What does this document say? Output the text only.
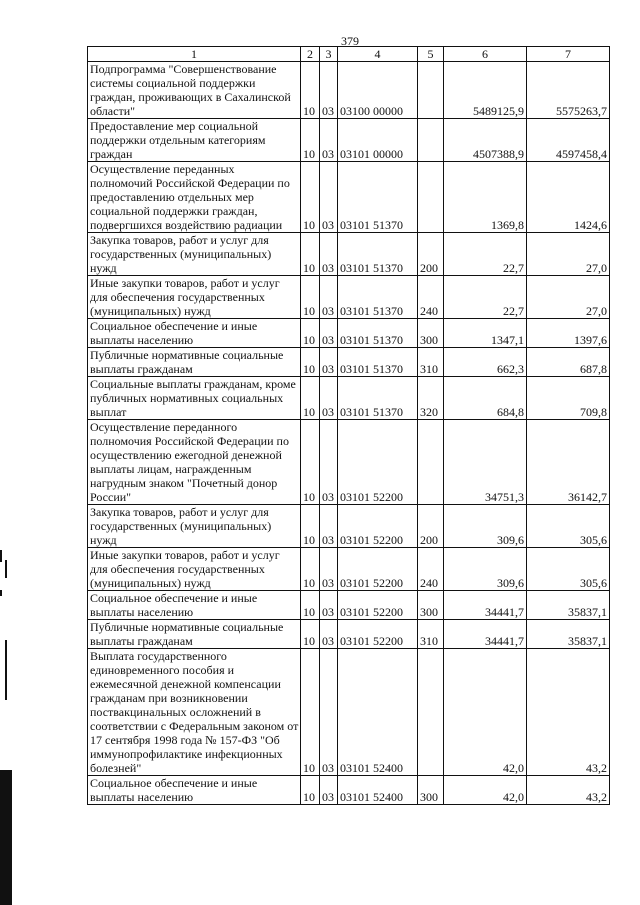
379
1	2	3	4	5	6	7
Подпрограмма "Совершенствование системы социальной поддержки граждан, проживающих в Сахалинской области"	10	03	03100 00000		5489125,9	5575263,7
Предоставление мер социальной поддержки отдельным категориям граждан	10	03	03101 00000		4507388,9	4597458,4
Осуществление переданных полномочий Российской Федерации по предоставлению отдельных мер социальной поддержки граждан, подвергшихся воздействию радиации	10	03	03101 51370		1369,8	1424,6
Закупка товаров, работ и услуг для государственных (муниципальных) нужд	10	03	03101 51370	200	22,7	27,0
Иные закупки товаров, работ и услуг для обеспечения государственных (муниципальных) нужд	10	03	03101 51370	240	22,7	27,0
Социальное обеспечение и иные выплаты населению	10	03	03101 51370	300	1347,1	1397,6
Публичные нормативные социальные выплаты гражданам	10	03	03101 51370	310	662,3	687,8
Социальные выплаты гражданам, кроме публичных нормативных социальных выплат	10	03	03101 51370	320	684,8	709,8
Осуществление переданного полномочия Российской Федерации по осуществлению ежегодной денежной выплаты лицам, награжденным нагрудным знаком "Почетный донор России"	10	03	03101 52200		34751,3	36142,7
Закупка товаров, работ и услуг для государственных (муниципальных) нужд	10	03	03101 52200	200	309,6	305,6
Иные закупки товаров, работ и услуг для обеспечения государственных (муниципальных) нужд	10	03	03101 52200	240	309,6	305,6
Социальное обеспечение и иные выплаты населению	10	03	03101 52200	300	34441,7	35837,1
Публичные нормативные социальные выплаты гражданам	10	03	03101 52200	310	34441,7	35837,1
Выплата государственного единовременного пособия и ежемесячной денежной компенсации гражданам при возникновении поствакцинальных осложнений в соответствии с Федеральным законом от 17 сентября 1998 года № 157-ФЗ "Об иммунопрофилактике инфекционных болезней"	10	03	03101 52400		42,0	43,2
Социальное обеспечение и иные выплаты населению	10	03	03101 52400	300	42,0	43,2
